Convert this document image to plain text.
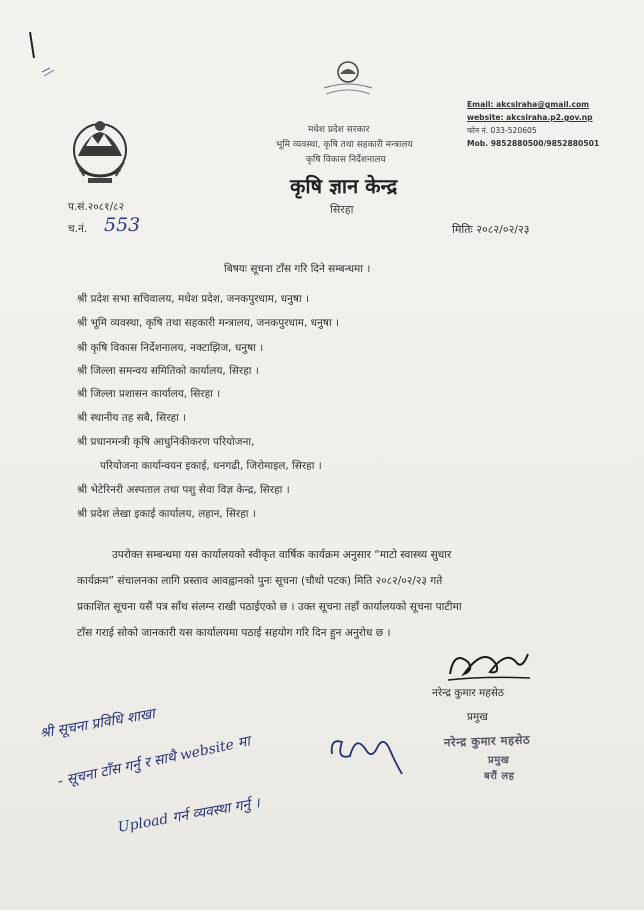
मधेश प्रदेश सरकार
भूमि व्यवस्था, कृषि तथा सहकारी मन्त्रालय
कृषि विकास निर्देशनालय
कृषि ज्ञान केन्द्र
सिरहा
Email: akcsiraha@gmail.com
website: akcsiraha.p2.gov.np
फोन नं. 033-520605
Mob. 9852880500/9852880501
प.सं.२०८१/८२
च.नं. 553	मितिः २०८२/०२/२३
बिषयः सूचना टाँस गरि दिने सम्बन्धमा ।
श्री प्रदेश सभा सचिवालय, मधेश प्रदेश, जनकपुरधाम, धनुषा ।
श्री भूमि व्यवस्था, कृषि तथा सहकारी मन्त्रालय, जनकपुरधाम, धनुषा ।
श्री कृषि विकास निर्देशनालय, नक्टाझिज, धनुषा ।
श्री जिल्ला समन्वय समितिको कार्यालय, सिरहा ।
श्री जिल्ला प्रशासन कार्यालय, सिरहा ।
श्री स्थानीय तह सबै, सिरहा ।
श्री प्रधानमन्त्री कृषि आधुनिकीकरण परियोजना,
परियोजना कार्यान्वयन इकाई, धनगढी, जिरोमाइल, सिरहा ।
श्री भेटेरिनरी अस्पताल तथा पशु सेवा विज्ञ केन्द्र, सिरहा ।
श्री प्रदेश लेखा इकाई कार्यालय, लहान, सिरहा ।
उपरोक्त सम्बन्धमा यस कार्यालयको स्वीकृत वार्षिक कार्यक्रम अनुसार “माटो स्वास्थ्य सुधार
कार्यक्रम” संचालनका लागि प्रस्ताव आवह्वानको पुनः सूचना (चौथो पटक) मिति २०८२/०२/२३ गते
प्रकाशित सूचना यसैं पत्र साँथ संलग्न राखी पठाईएको छ । उक्त सूचना तहाँ कार्यालयको सूचना पाटीमा
टाँस गराई सोको जानकारी यस कार्यालयमा पठाई सहयोग गरि दिन हुन अनुरोध छ ।
नरेन्द्र कुमार महसेठ
प्रमुख
नरेन्द्र कुमार महसेठ
प्रमुख
बरौं लह
श्री सूचना प्रविधि शाखा
- सूचना टाँस गर्नु र साथै website मा
Upload गर्न व्यवस्था गर्नु ।
